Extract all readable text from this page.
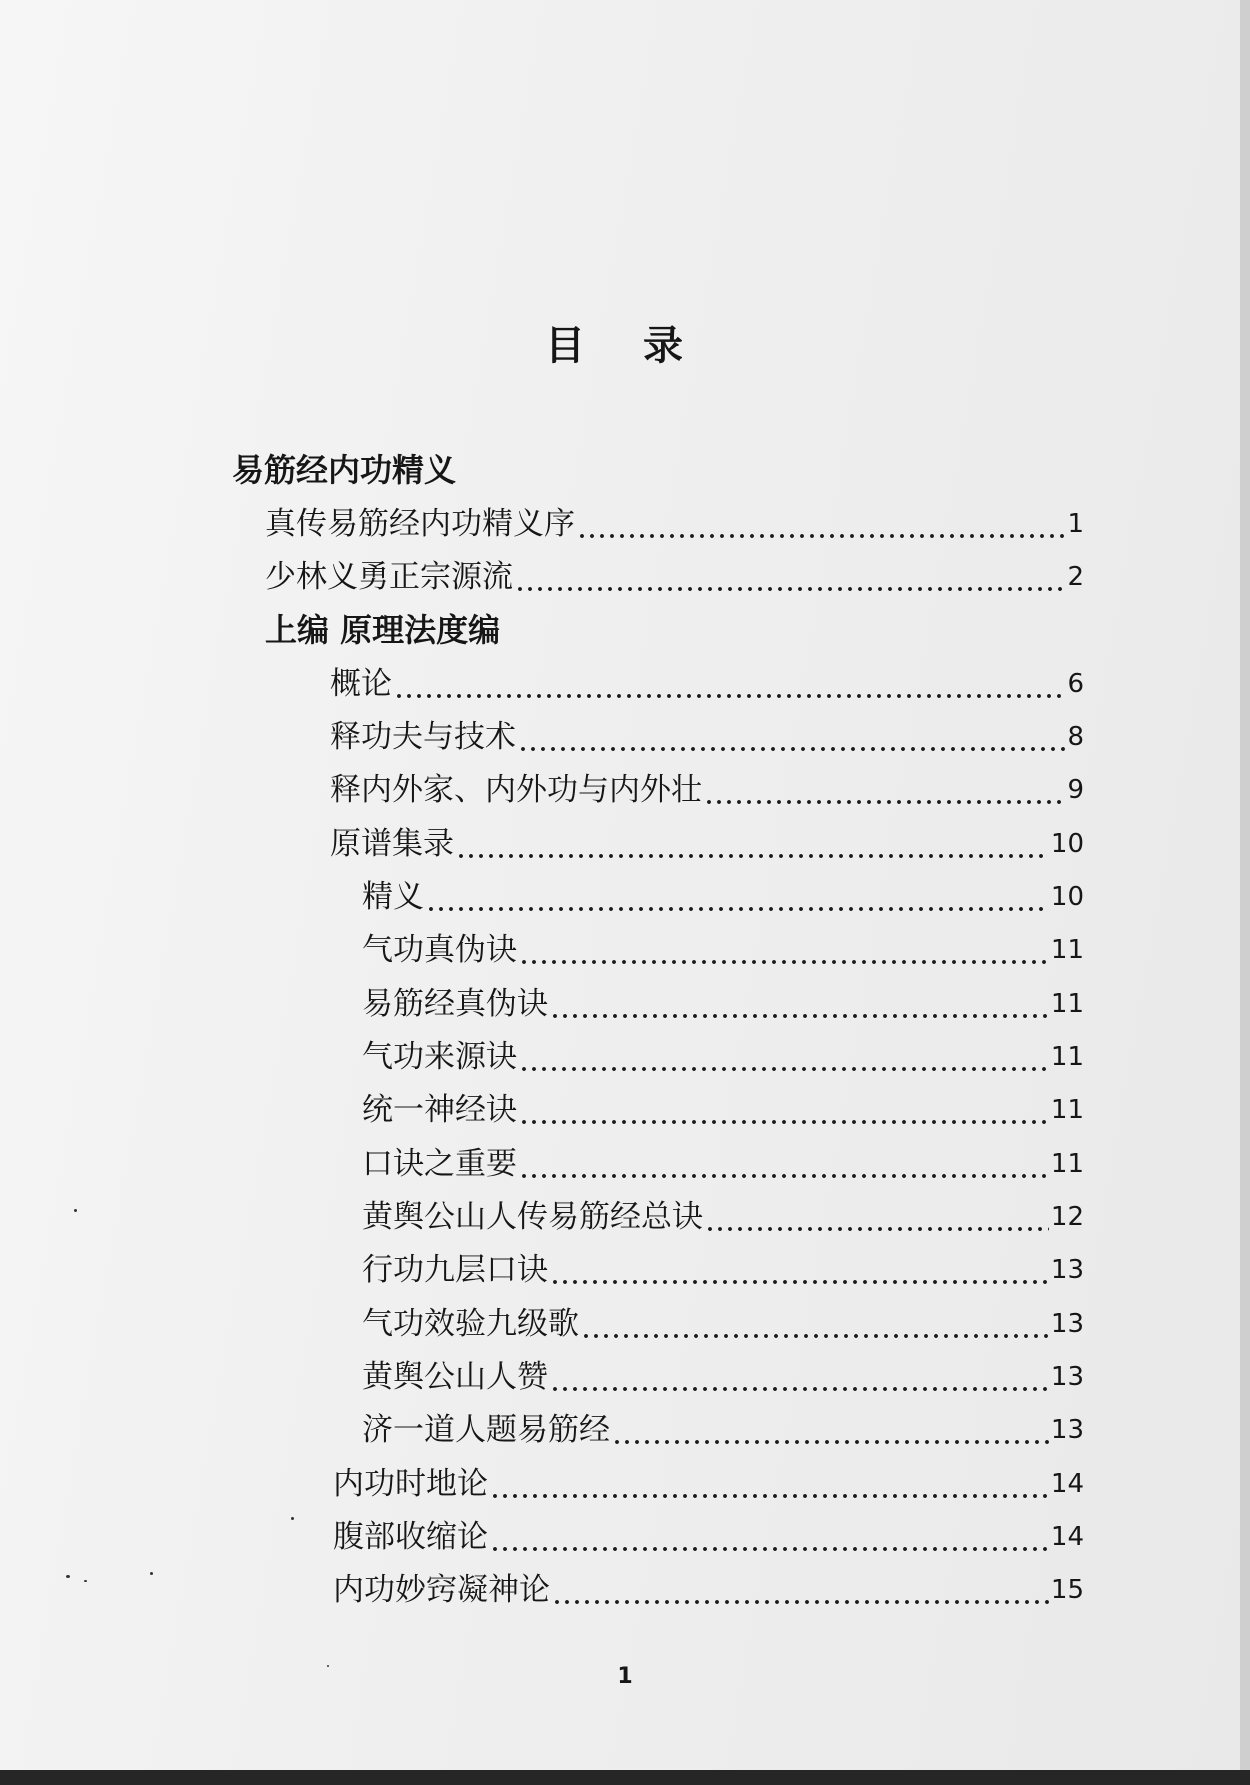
目 录
易筋经内功精义
真传易筋经内功精义序	1
少林义勇正宗源流	2
上编 原理法度编
概论	6
释功夫与技术	8
释内外家、内外功与内外壮	9
原谱集录	10
精义	10
气功真伪诀	11
易筋经真伪诀	11
气功来源诀	11
统一神经诀	11
口诀之重要	11
黄舆公山人传易筋经总诀	12
行功九层口诀	13
气功效验九级歌	13
黄舆公山人赞	13
济一道人题易筋经	13
内功时地论	14
腹部收缩论	14
内功妙窍凝神论	15
1
